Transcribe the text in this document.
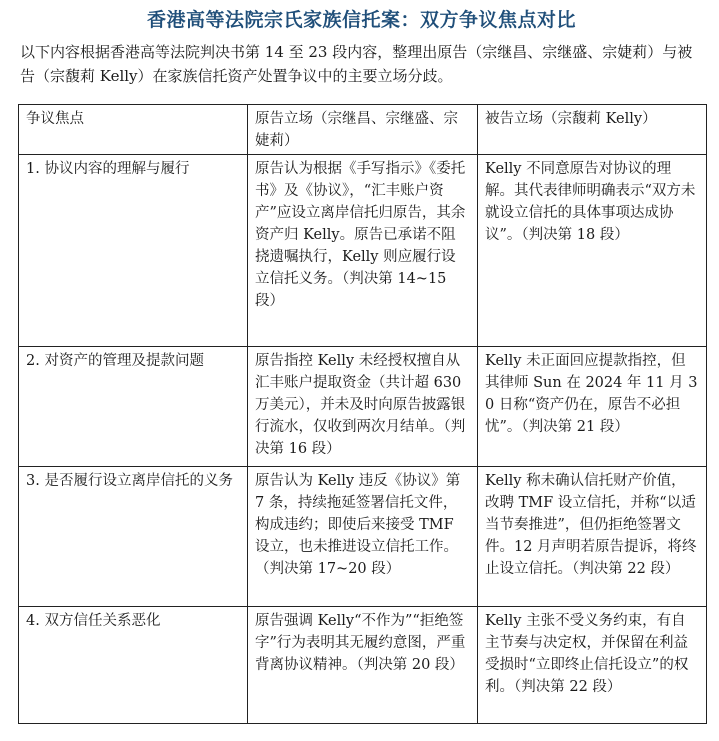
香港高等法院宗氏家族信托案：双方争议焦点对比

以下内容根据香港高等法院判决书第 14 至 23 段内容，整理出原告（宗继昌、宗继盛、宗婕莉）与被告（宗馥莉 Kelly）在家族信托资产处置争议中的主要立场分歧。

争议焦点	原告立场（宗继昌、宗继盛、宗婕莉）	被告立场（宗馥莉 Kelly）
1. 协议内容的理解与履行	原告认为根据《手写指示》《委托书》及《协议》，“汇丰账户资产”应设立离岸信托归原告，其余资产归 Kelly。原告已承诺不阻挠遗嘱执行，Kelly 则应履行设立信托义务。（判决第 14~15 段）	Kelly 不同意原告对协议的理解。其代表律师明确表示“双方未就设立信托的具体事项达成协议”。（判决第 18 段）
2. 对资产的管理及提款问题	原告指控 Kelly 未经授权擅自从汇丰账户提取资金（共计超 630 万美元），并未及时向原告披露银行流水，仅收到两次月结单。（判决第 16 段）	Kelly 未正面回应提款指控，但其律师 Sun 在 2024 年 11 月 30 日称“资产仍在，原告不必担忧”。（判决第 21 段）
3. 是否履行设立离岸信托的义务	原告认为 Kelly 违反《协议》第 7 条，持续拖延签署信托文件，构成违约；即使后来接受 TMF 设立，也未推进设立信托工作。（判决第 17~20 段）	Kelly 称未确认信托财产价值，改聘 TMF 设立信托，并称“以适当节奏推进”，但仍拒绝签署文件。12 月声明若原告提诉，将终止设立信托。（判决第 22 段）
4. 双方信任关系恶化	原告强调 Kelly“不作为”“拒绝签字”行为表明其无履约意图，严重背离协议精神。（判决第 20 段）	Kelly 主张不受义务约束，有自主节奏与决定权，并保留在利益受损时“立即终止信托设立”的权利。（判决第 22 段）
